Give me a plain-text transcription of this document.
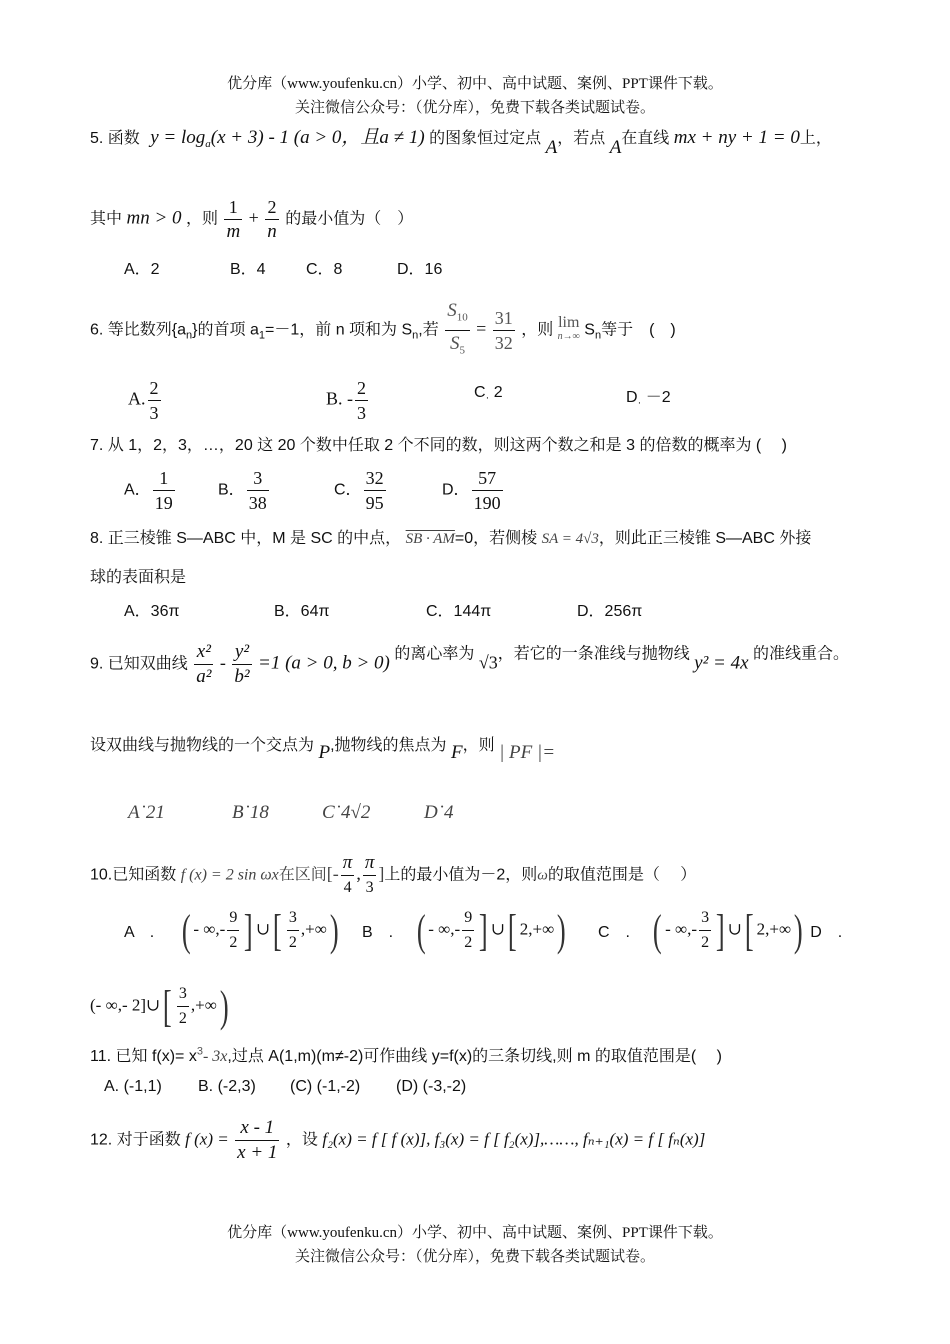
优分库（www.youfenku.cn）小学、初中、高中试题、案例、PPT课件下载。
关注微信公众号：（优分库），免费下载各类试题试卷。
5. 函数 $y = \log_a(x + 3) - 1$ (a > 0，且a ≠ 1) 的图象恒过定点 A，若点 A在直线 mx + ny + 1 = 0上，
其中 mn > 0 ，则 $\frac{1}{m} + \frac{2}{n}$ 的最小值为（　）
A．2	B．4	C．8	D．16
6. 等比数列$\{a_n\}$的首项 $a_1=-1$，前 n 项和为 $S_n$,若 $\frac{S_{10}}{S_5} = \frac{31}{32}$ ，则 lim
n→∞ $S_n$等于　(　)
A. $\frac{2}{3}$	B. - $\frac{2}{3}$	$C_\cdot$ 2	$D_\cdot -2$
7. 从 1，2，3，…，20 这 20 个数中任取 2 个不同的数，则这两个数之和是 3 的倍数的概率为 (　 )
A． $\frac{1}{19}$	B． $\frac{3}{38}$	C． $\frac{32}{95}$	D． $\frac{57}{190}$
8. 正三棱锥 S—ABC 中，M 是 SC 的中点， SB · AM=0，若侧棱 SA = 4√3，则此正三棱锥 S—ABC 外接
球的表面积是
A．36π	B．64π	C．144π	D．256π
9. 已知双曲线 $\frac{\text{x²}}{\text{a²}} - \frac{\text{y²}}{\text{b²}} =1$ (a > 0, b > 0) 的离心率为 √3，若它的一条准线与抛物线 y² = 4x 的准线重合。
设双曲线与抛物线的一个交点为 P,抛物线的焦点为 F，则 | PF |=
A˙21	B˙18	C˙4√2	D˙4
10.已知函数 f (x) = 2 sin ωx在区间[- $\frac{\pi}{4}$ , $\frac{\pi}{3}$ ]上的最小值为－2，则ω的取值范围是（　 ）
A　. ( - ∞,- $\frac{9}{2}$ ] ∪[ $\frac{3}{2}$ ,+∞) B　. ( - ∞,- $\frac{9}{2}$ ] ∪[ 2,+∞) C　. ( - ∞,- $\frac{3}{2}$ ] ∪[ 2,+∞) D　.
(- ∞,- 2]∪[ $\frac{3}{2}$ ,+∞)
11. 已知 $f(x)= x^3-$ 3x,过点 A(1,m)(m≠-2)可作曲线 y=f(x)的三条切线,则 m 的取值范围是(　 )
A. (-1,1) B. (-2,3) (C) (-1,-2) (D) (-3,-2)
12. 对于函数 f $(x) = \frac{x - 1}{x + 1}$ ，设 f₂(x) = f [ f (x)], f₃(x) = f [ f₂(x)],……, fₙ₊₁(x) = f [ fₙ(x)]
优分库（www.youfenku.cn）小学、初中、高中试题、案例、PPT课件下载。
关注微信公众号：（优分库），免费下载各类试题试卷。
